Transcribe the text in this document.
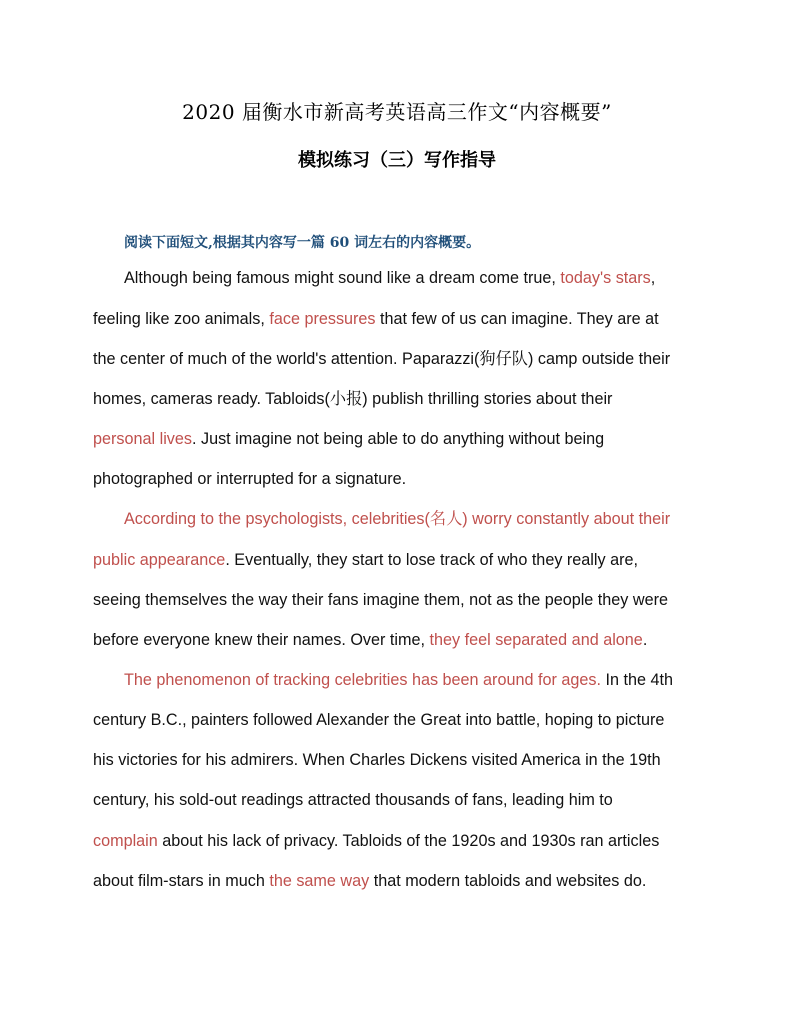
2020 届衡水市新高考英语高三作文“内容概要”
模拟练习（三）写作指导
阅读下面短文,根据其内容写一篇 60 词左右的内容概要。
Although being famous might sound like a dream come true, today's stars,
feeling like zoo animals, face pressures that few of us can imagine. They are at
the center of much of the world's attention. Paparazzi(狗仔队) camp outside their
homes, cameras ready. Tabloids(小报) publish thrilling stories about their
personal lives. Just imagine not being able to do anything without being
photographed or interrupted for a signature.
According to the psychologists, celebrities(名人) worry constantly about their
public appearance. Eventually, they start to lose track of who they really are,
seeing themselves the way their fans imagine them, not as the people they were
before everyone knew their names. Over time, they feel separated and alone.
The phenomenon of tracking celebrities has been around for ages. In the 4th
century B.C., painters followed Alexander the Great into battle, hoping to picture
his victories for his admirers. When Charles Dickens visited America in the 19th
century, his sold-out readings attracted thousands of fans, leading him to
complain about his lack of privacy. Tabloids of the 1920s and 1930s ran articles
about film-stars in much the same way that modern tabloids and websites do.
